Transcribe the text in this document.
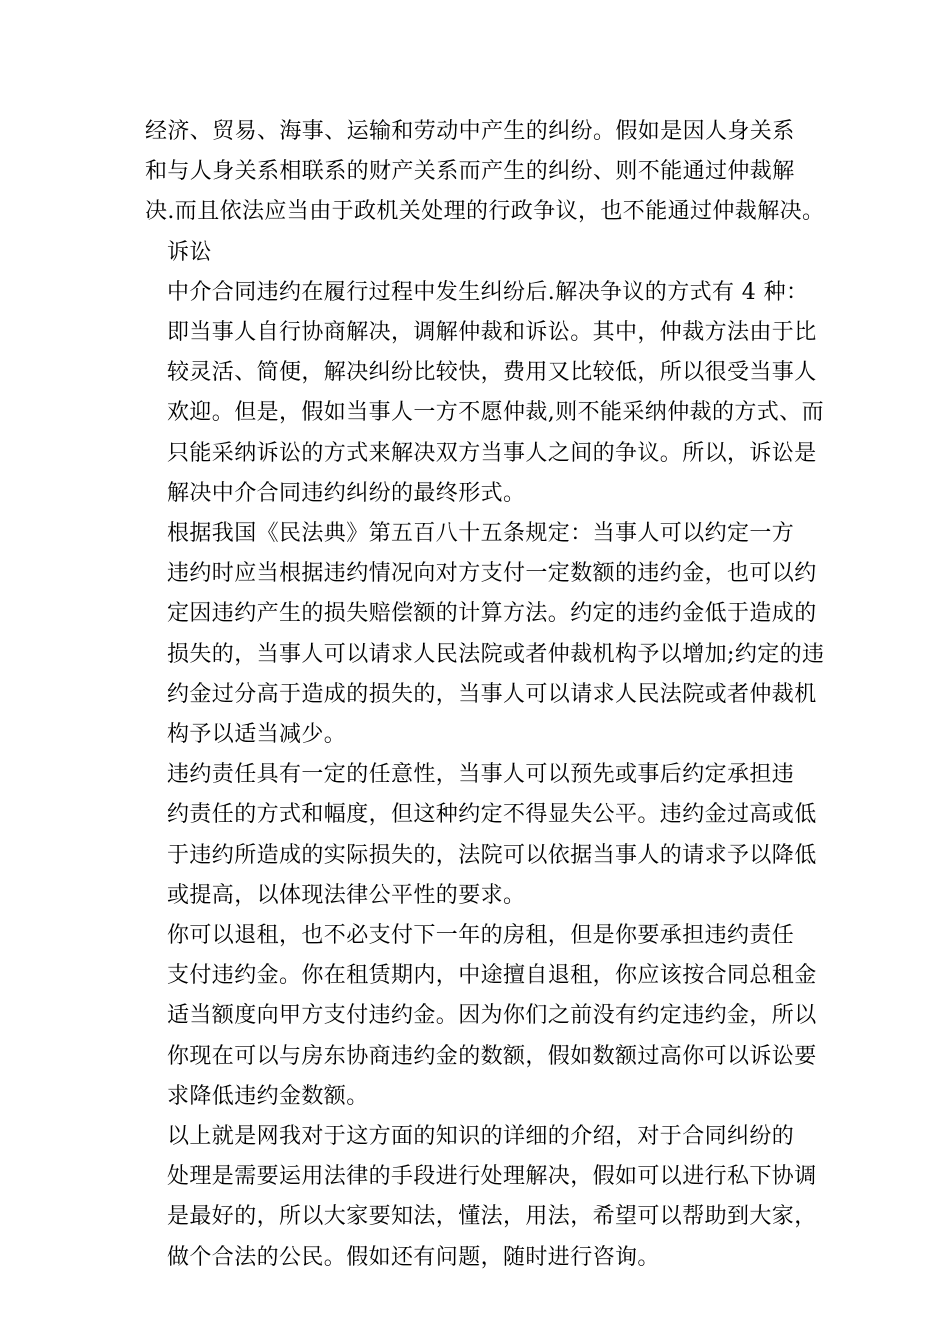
经济、贸易、海事、运输和劳动中产生的纠纷。假如是因人身关系
和与人身关系相联系的财产关系而产生的纠纷、则不能通过仲裁解
决.而且依法应当由于政机关处理的行政争议，也不能通过仲裁解决。
诉讼
中介合同违约在履行过程中发生纠纷后.解决争议的方式有 4 种：
即当事人自行协商解决，调解仲裁和诉讼。其中，仲裁方法由于比
较灵活、简便，解决纠纷比较快，费用又比较低，所以很受当事人
欢迎。但是，假如当事人一方不愿仲裁,则不能采纳仲裁的方式、而
只能采纳诉讼的方式来解决双方当事人之间的争议。所以，诉讼是
解决中介合同违约纠纷的最终形式。
根据我国《民法典》第五百八十五条规定：当事人可以约定一方
违约时应当根据违约情况向对方支付一定数额的违约金，也可以约
定因违约产生的损失赔偿额的计算方法。约定的违约金低于造成的
损失的，当事人可以请求人民法院或者仲裁机构予以增加;约定的违
约金过分高于造成的损失的，当事人可以请求人民法院或者仲裁机
构予以适当减少。
违约责任具有一定的任意性，当事人可以预先或事后约定承担违
约责任的方式和幅度，但这种约定不得显失公平。违约金过高或低
于违约所造成的实际损失的，法院可以依据当事人的请求予以降低
或提高，以体现法律公平性的要求。
你可以退租，也不必支付下一年的房租，但是你要承担违约责任
支付违约金。你在租赁期内，中途擅自退租，你应该按合同总租金
适当额度向甲方支付违约金。因为你们之前没有约定违约金，所以
你现在可以与房东协商违约金的数额，假如数额过高你可以诉讼要
求降低违约金数额。
以上就是网我对于这方面的知识的详细的介绍，对于合同纠纷的
处理是需要运用法律的手段进行处理解决，假如可以进行私下协调
是最好的，所以大家要知法，懂法，用法，希望可以帮助到大家，
做个合法的公民。假如还有问题，随时进行咨询。
